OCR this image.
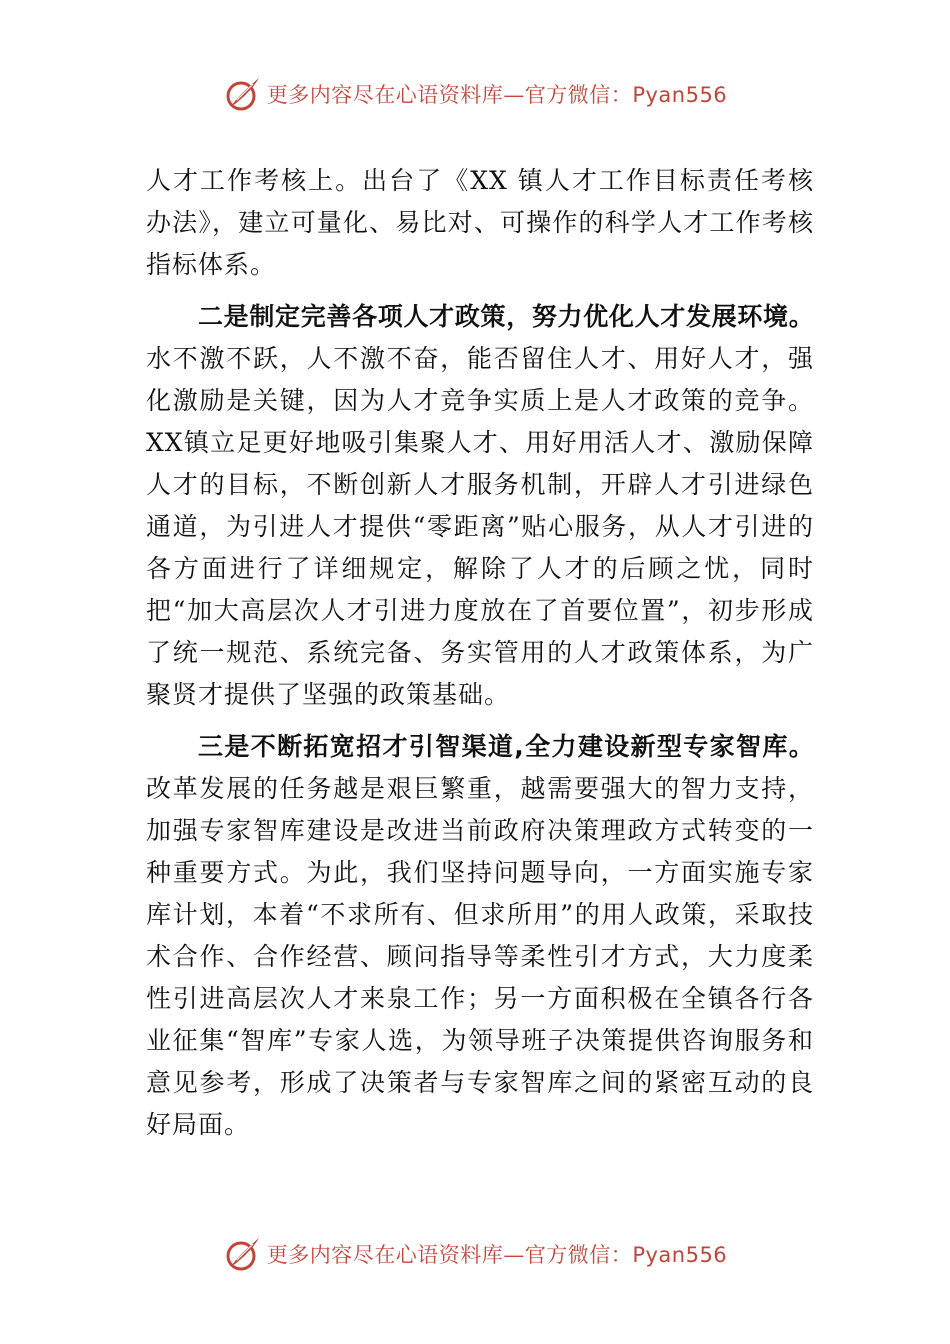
更多内容尽在心语资料库—官方微信：Pyan556

人才工作考核上。出台了《XX 镇人才工作目标责任考核办法》，建立可量化、易比对、可操作的科学人才工作考核指标体系。

二是制定完善各项人才政策，努力优化人才发展环境。水不激不跃，人不激不奋，能否留住人才、用好人才，强化激励是关键，因为人才竞争实质上是人才政策的竞争。XX镇立足更好地吸引集聚人才、用好用活人才、激励保障人才的目标，不断创新人才服务机制，开辟人才引进绿色通道，为引进人才提供“零距离”贴心服务，从人才引进的各方面进行了详细规定，解除了人才的后顾之忧，同时把“加大高层次人才引进力度放在了首要位置”，初步形成了统一规范、系统完备、务实管用的人才政策体系，为广聚贤才提供了坚强的政策基础。

三是不断拓宽招才引智渠道,全力建设新型专家智库。改革发展的任务越是艰巨繁重，越需要强大的智力支持，加强专家智库建设是改进当前政府决策理政方式转变的一种重要方式。为此，我们坚持问题导向，一方面实施专家库计划，本着“不求所有、但求所用”的用人政策，采取技术合作、合作经营、顾问指导等柔性引才方式，大力度柔性引进高层次人才来泉工作；另一方面积极在全镇各行各业征集“智库”专家人选，为领导班子决策提供咨询服务和意见参考，形成了决策者与专家智库之间的紧密互动的良好局面。

更多内容尽在心语资料库—官方微信：Pyan556
